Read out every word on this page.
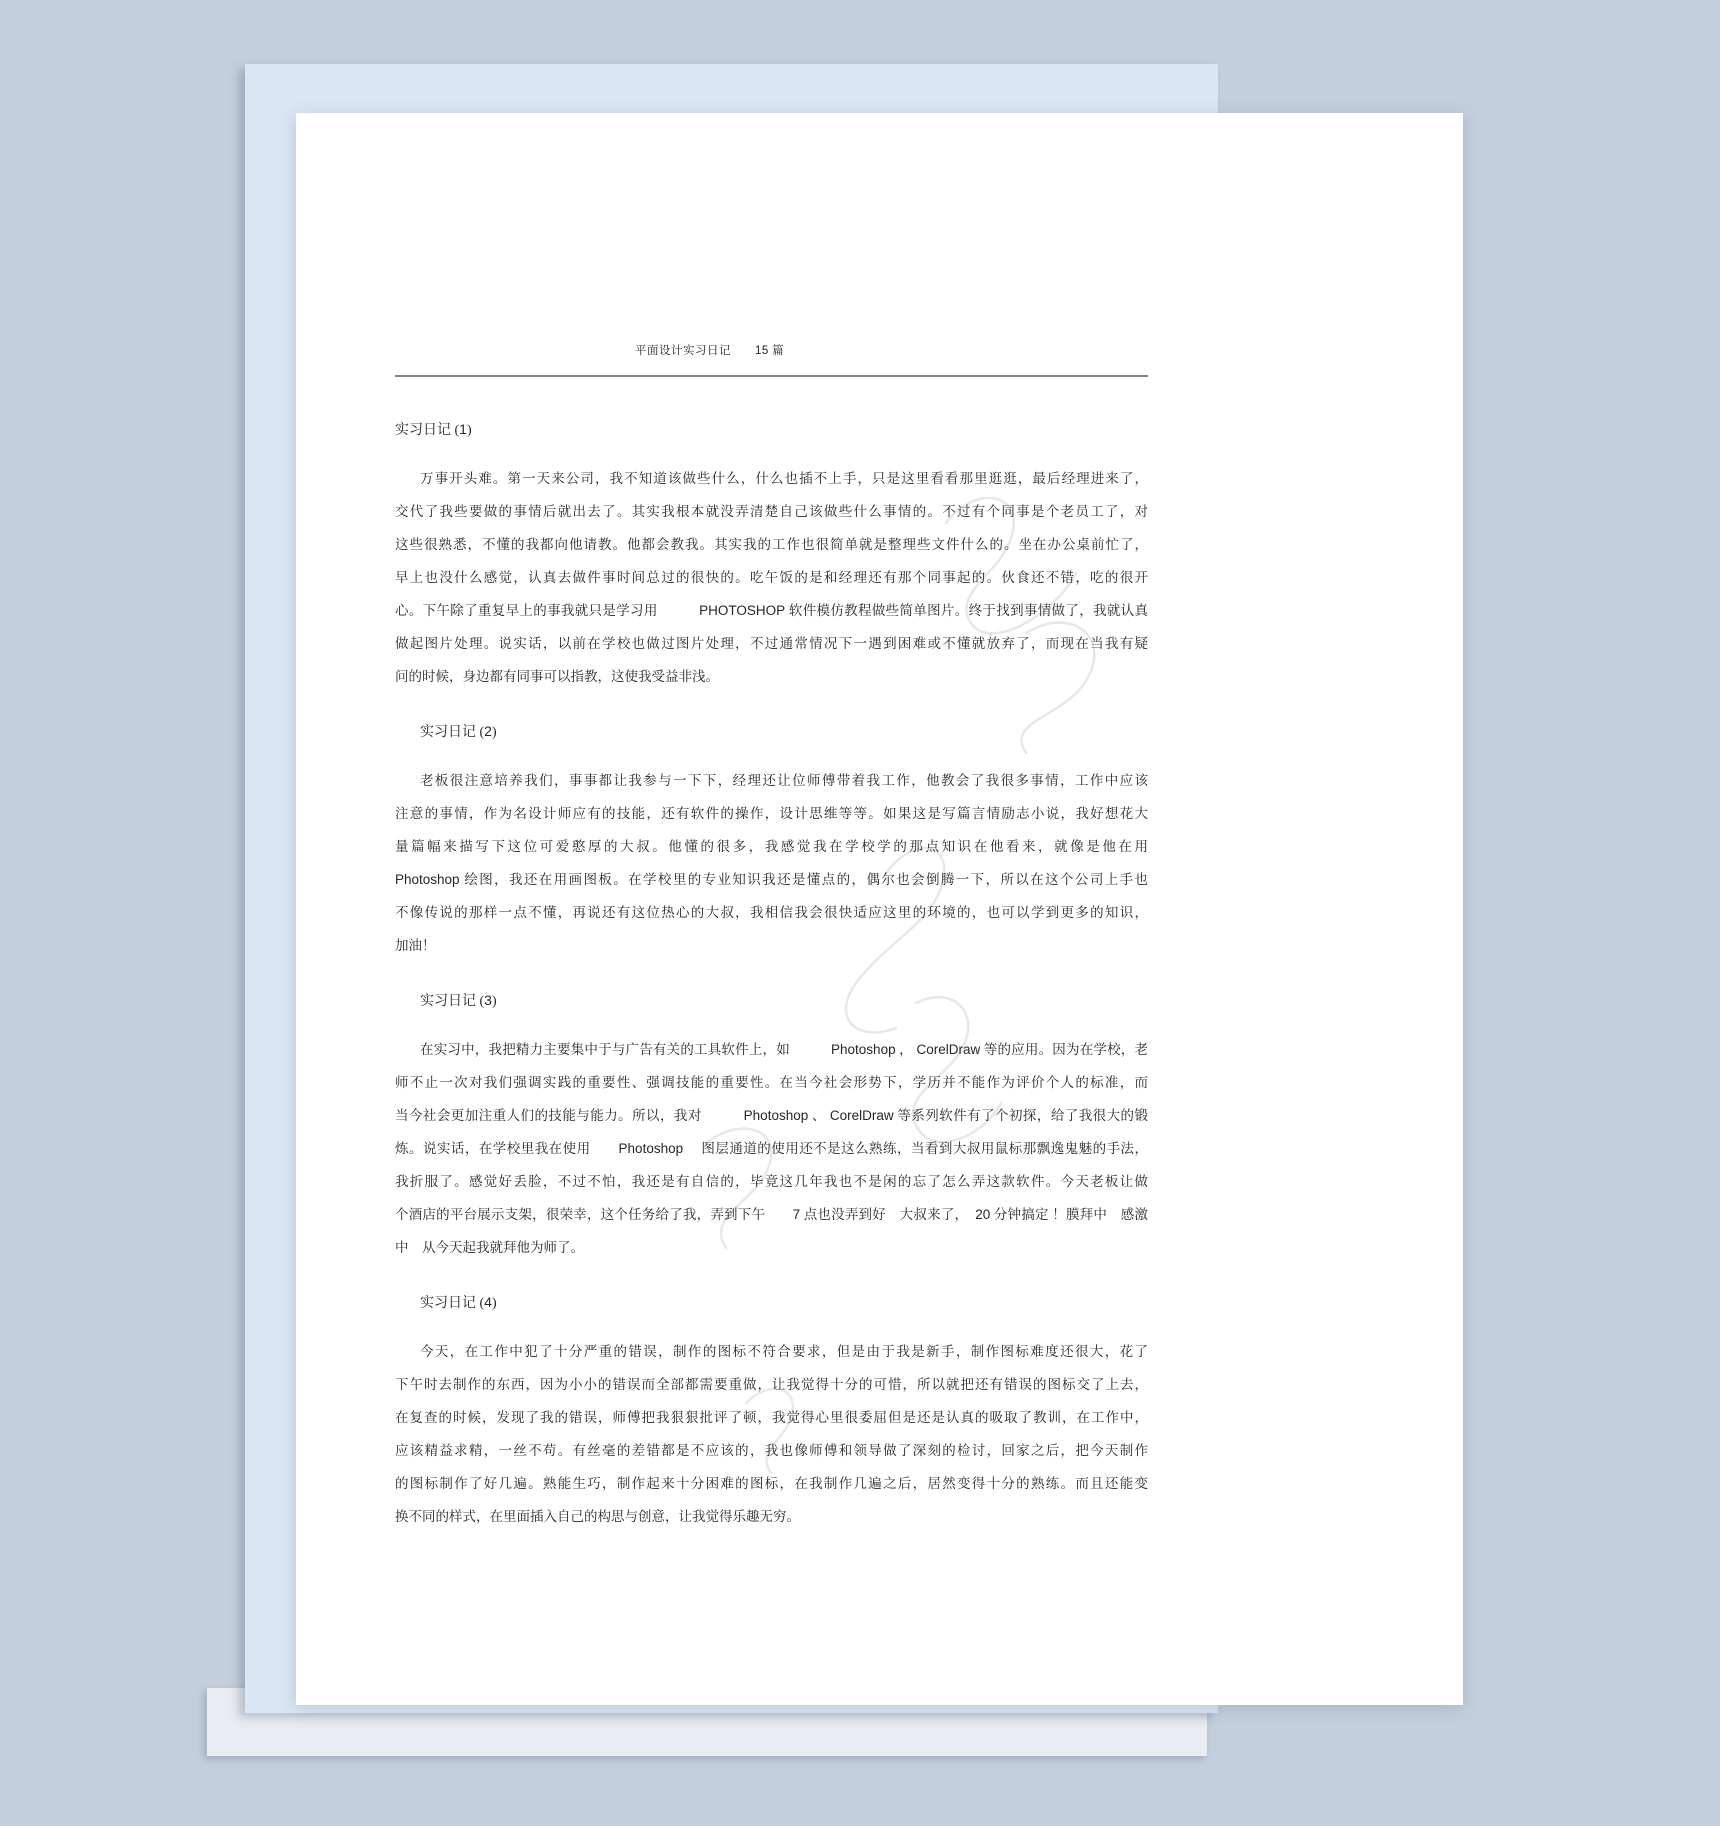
平面设计实习日记　　15 篇
实习日记 (1)
万事开头难。第一天来公司，我不知道该做些什么，什么也插不上手，只是这里看看那里逛逛，最后经理进来了，
交代了我些要做的事情后就出去了。其实我根本就没弄清楚自己该做些什么事情的。不过有个同事是个老员工了，对
这些很熟悉，不懂的我都向他请教。他都会教我。其实我的工作也很简单就是整理些文件什么的。坐在办公桌前忙了，
早上也没什么感觉，认真去做件事时间总过的很快的。吃午饭的是和经理还有那个同事起的。伙食还不错，吃的很开
心。下午除了重复早上的事我就只是学习用　　　PHOTOSHOP 软件模仿教程做些简单图片。终于找到事情做了，我就认真
做起图片处理。说实话，以前在学校也做过图片处理，不过通常情况下一遇到困难或不懂就放弃了，而现在当我有疑
问的时候，身边都有同事可以指教，这使我受益非浅。
实习日记 (2)
老板很注意培养我们，事事都让我参与一下下，经理还让位师傅带着我工作，他教会了我很多事情，工作中应该
注意的事情，作为名设计师应有的技能，还有软件的操作，设计思维等等。如果这是写篇言情励志小说，我好想花大
量篇幅来描写下这位可爱憨厚的大叔。他懂的很多，我感觉我在学校学的那点知识在他看来，就像是他在用
Photoshop 绘图，我还在用画图板。在学校里的专业知识我还是懂点的，偶尔也会倒腾一下，所以在这个公司上手也
不像传说的那样一点不懂，再说还有这位热心的大叔，我相信我会很快适应这里的环境的，也可以学到更多的知识，
加油！
实习日记 (3)
在实习中，我把精力主要集中于与广告有关的工具软件上，如　　　Photoshop ， CorelDraw 等的应用。因为在学校，老
师不止一次对我们强调实践的重要性、强调技能的重要性。在当今社会形势下，学历并不能作为评价个人的标准，而
当今社会更加注重人们的技能与能力。所以，我对　　　Photoshop 、 CorelDraw 等系列软件有了个初探，给了我很大的锻
炼。说实话，在学校里我在使用　　Photoshop　 图层通道的使用还不是这么熟练，当看到大叔用鼠标那飘逸鬼魅的手法，
我折服了。感觉好丢脸，不过不怕，我还是有自信的，毕竟这几年我也不是闲的忘了怎么弄这款软件。今天老板让做
个酒店的平台展示支架，很荣幸，这个任务给了我，弄到下午　　7 点也没弄到好　大叔来了，　20 分钟搞定 ！膜拜中　感激
中　从今天起我就拜他为师了。
实习日记 (4)
今天，在工作中犯了十分严重的错误，制作的图标不符合要求，但是由于我是新手，制作图标难度还很大，花了
下午时去制作的东西，因为小小的错误而全部都需要重做，让我觉得十分的可惜，所以就把还有错误的图标交了上去，
在复查的时候，发现了我的错误，师傅把我狠狠批评了顿，我觉得心里很委屈但是还是认真的吸取了教训，在工作中，
应该精益求精，一丝不苟。有丝毫的差错都是不应该的，我也像师傅和领导做了深刻的检讨，回家之后，把今天制作
的图标制作了好几遍。熟能生巧，制作起来十分困难的图标，在我制作几遍之后，居然变得十分的熟练。而且还能变
换不同的样式，在里面插入自己的构思与创意，让我觉得乐趣无穷。
